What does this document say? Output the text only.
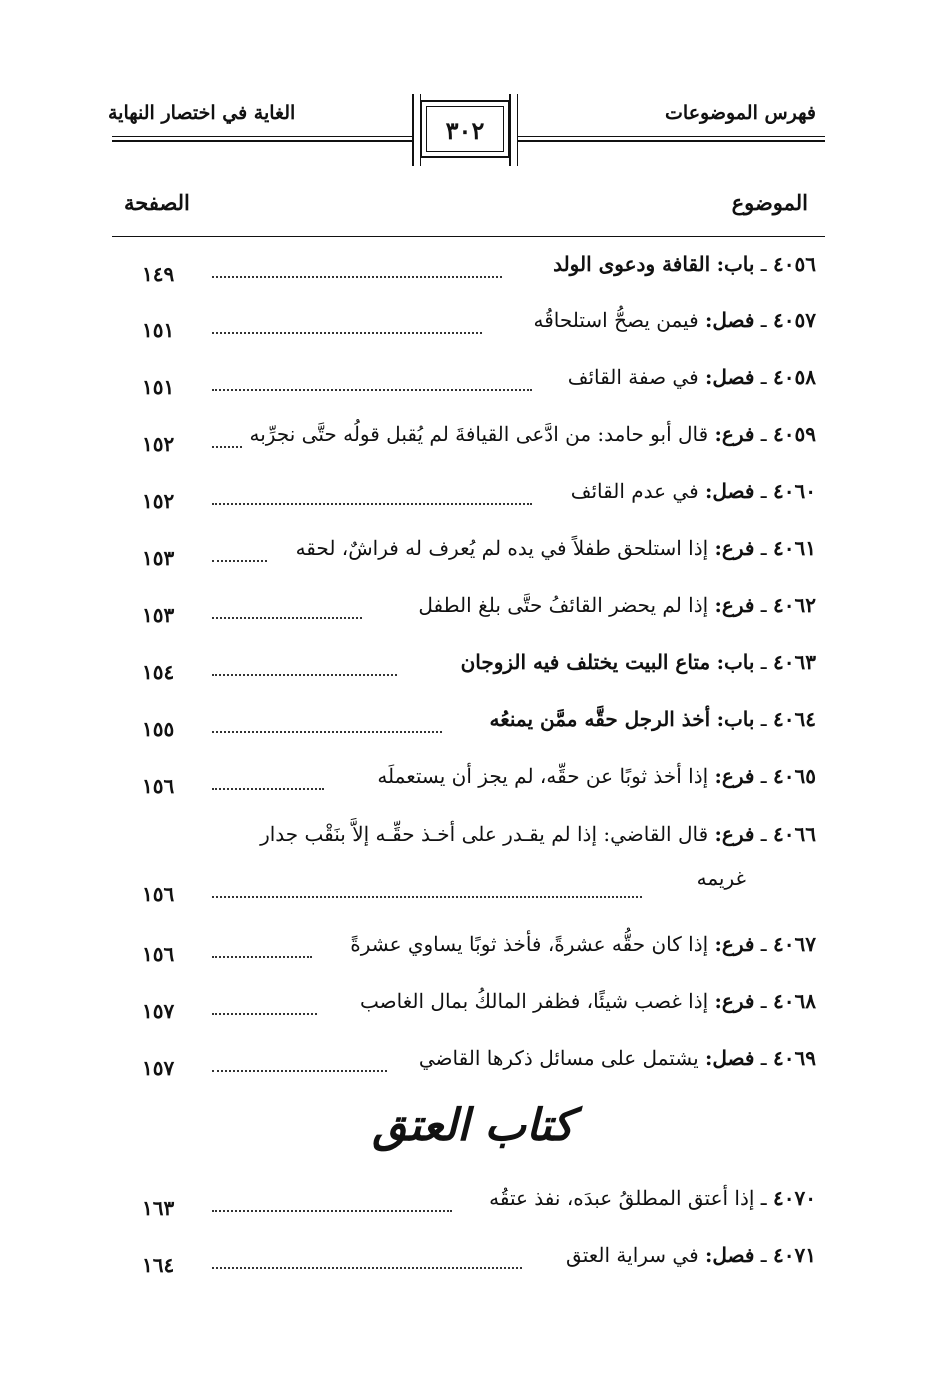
فهرس الموضوعات
الغاية في اختصار النهاية
٣٠٢
الموضوع
الصفحة
٤٠٥٦ ـ باب: القافة ودعوى الولد
١٤٩
٤٠٥٧ ـ فصل: فيمن يصحُّ استلحاقُه
١٥١
٤٠٥٨ ـ فصل: في صفة القائف
١٥١
٤٠٥٩ ـ فرع: قال أبو حامد: من ادَّعى القيافةَ لم يُقبل قولُه حتَّى نجرِّبه
١٥٢
٤٠٦٠ ـ فصل: في عدم القائف
١٥٢
٤٠٦١ ـ فرع: إذا استلحق طفلاً في يده لم يُعرف له فراشٌ، لحقه
١٥٣
٤٠٦٢ ـ فرع: إذا لم يحضر القائفُ حتَّى بلغ الطفل
١٥٣
٤٠٦٣ ـ باب: متاع البيت يختلف فيه الزوجان
١٥٤
٤٠٦٤ ـ باب: أخذ الرجل حقَّه ممَّن يمنعُه
١٥٥
٤٠٦٥ ـ فرع: إذا أخذ ثوبًا عن حقِّه، لم يجز أن يستعملَه
١٥٦
٤٠٦٦ ـ فرع: قال القاضي: إذا لم يقـدر على أخـذ حقِّـه إلاَّ بنَقْب جدار
غريمه
١٥٦
٤٠٦٧ ـ فرع: إذا كان حقُّه عشرةً، فأخذ ثوبًا يساوي عشرةً
١٥٦
٤٠٦٨ ـ فرع: إذا غصب شيئًا، فظفر المالكُ بمال الغاصب
١٥٧
٤٠٦٩ ـ فصل: يشتمل على مسائل ذكرها القاضي
١٥٧
كتاب العتق
٤٠٧٠ ـ إذا أعتق المطلقُ عبدَه، نفذ عتقُه
١٦٣
٤٠٧١ ـ فصل: في سراية العتق
١٦٤
